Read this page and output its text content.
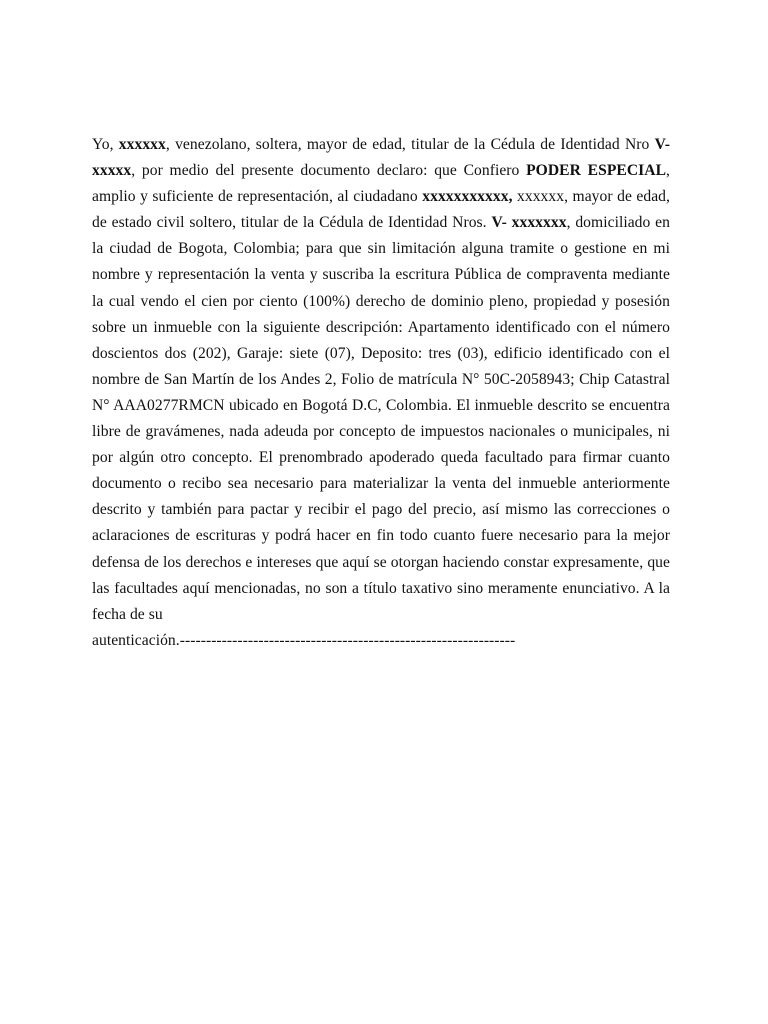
Yo, xxxxxx, venezolano, soltera, mayor de edad, titular de la Cédula de Identidad Nro V-xxxxx, por medio del presente documento declaro: que Confiero PODER ESPECIAL, amplio y suficiente de representación, al ciudadano xxxxxxxxxxx, xxxxxx, mayor de edad, de estado civil soltero, titular de la Cédula de Identidad Nros. V- xxxxxxx, domiciliado en la ciudad de Bogota, Colombia; para que sin limitación alguna tramite o gestione en mi nombre y representación la venta y suscriba la escritura Pública de compraventa mediante la cual vendo el cien por ciento (100%) derecho de dominio pleno, propiedad y posesión sobre un inmueble con la siguiente descripción: Apartamento identificado con el número doscientos dos (202), Garaje: siete (07), Deposito: tres (03), edificio identificado con el nombre de San Martín de los Andes 2, Folio de matrícula N° 50C-2058943; Chip Catastral N° AAA0277RMCN ubicado en Bogotá D.C, Colombia. El inmueble descrito se encuentra libre de gravámenes, nada adeuda por concepto de impuestos nacionales o municipales, ni por algún otro concepto. El prenombrado apoderado queda facultado para firmar cuanto documento o recibo sea necesario para materializar la venta del inmueble anteriormente descrito y también para pactar y recibir el pago del precio, así mismo las correcciones o aclaraciones de escrituras y podrá hacer en fin todo cuanto fuere necesario para la mejor defensa de los derechos e intereses que aquí se otorgan haciendo constar expresamente, que las facultades aquí mencionadas, no son a título taxativo sino meramente enunciativo. A la fecha de su
autenticación.----------------------------------------------------------------
